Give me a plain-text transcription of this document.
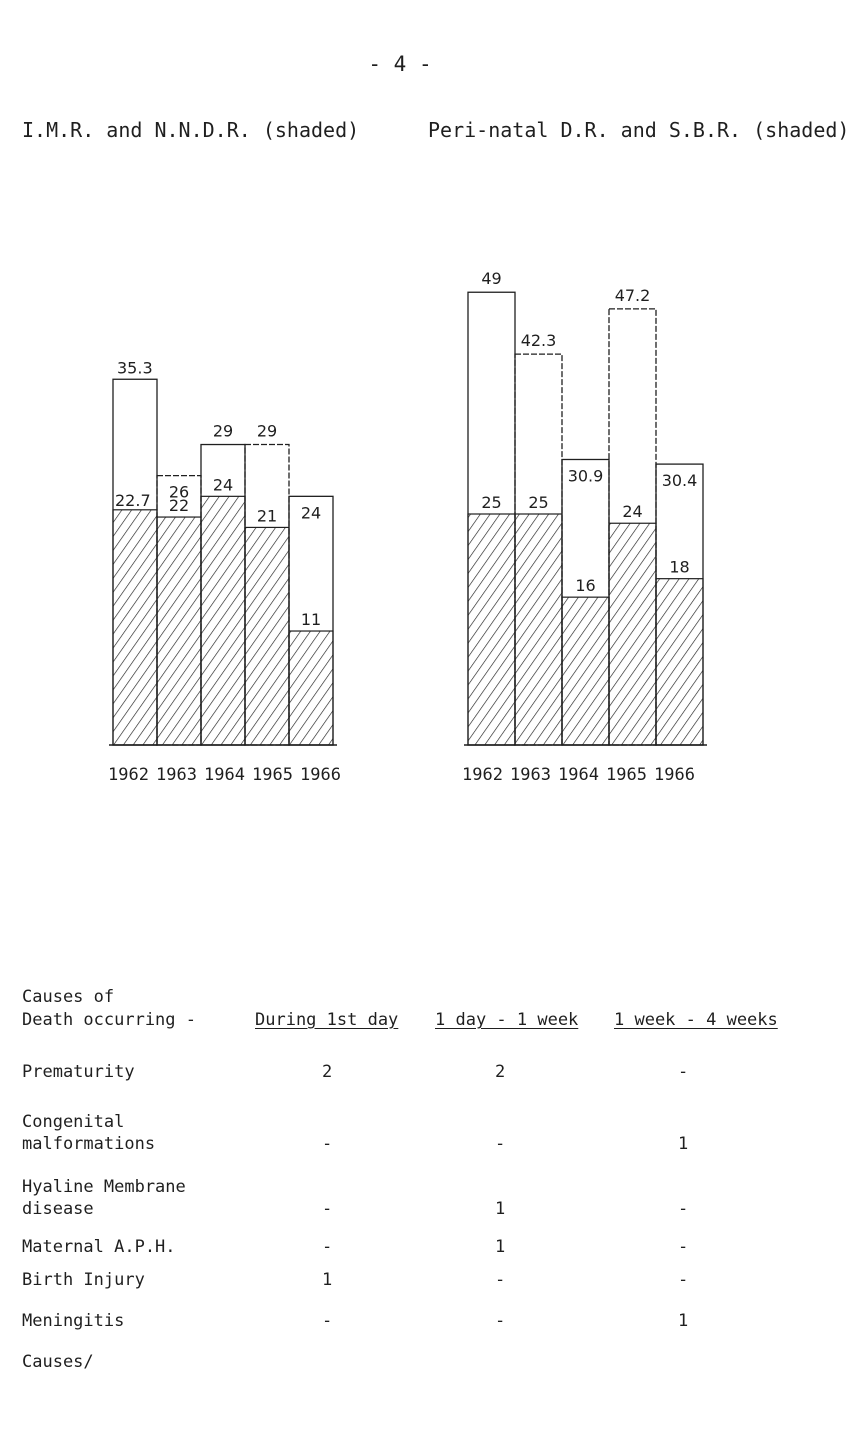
- 4 -
I.M.R. and N.N.D.R. (shaded)	Peri-natal D.R. and S.B.R. (shaded)
35.3
22.7
1962
26
22
1963
29
24
1964
29
21
1965
24
11
1966
49
25
1962
42.3
25
1963
30.9
16
1964
47.2
24
1965
30.4
18
1966
Causes of
Death occurring -	During 1st day 1 day - 1 week 1 week - 4 weeks
Prematurity	2	2	-
Congenital
malformations	-	-	1
Hyaline Membrane
disease	-	1	-
Maternal A.P.H.	-	1	-
Birth Injury	1	-	-
Meningitis	-	-	1
Causes/
